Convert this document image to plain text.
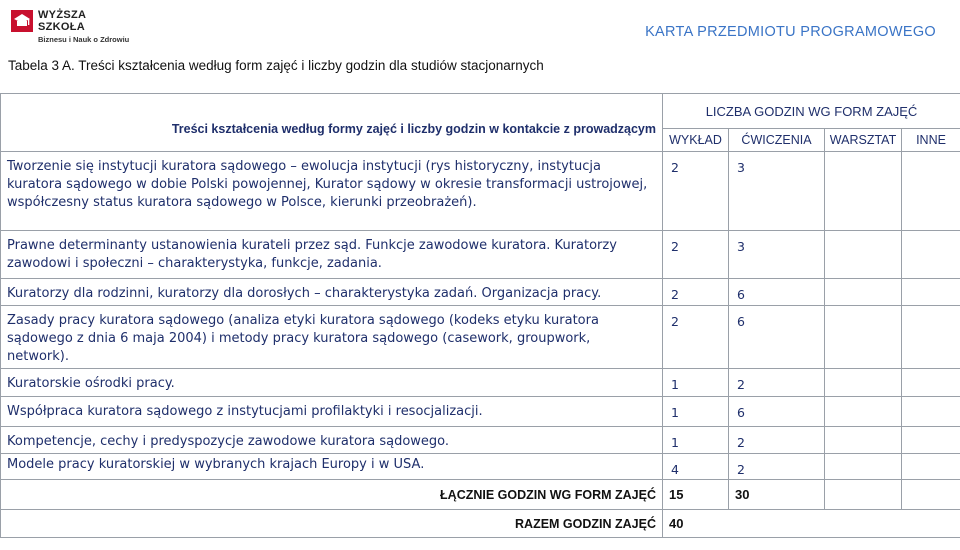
WYŻSZA SZKOŁA
Biznesu i Nauk o Zdrowiu	KARTA PRZEDMIOTU PROGRAMOWEGO
Tabela 3 A. Treści kształcenia według form zajęć i liczby godzin dla studiów stacjonarnych
Treści kształcenia według formy zajęć i liczby godzin w kontakcie z prowadzącym	LICZBA GODZIN WG FORM ZAJĘĆ			
	WYKŁAD	ĆWICZENIA	WARSZTAT	INNE
Tworzenie się instytucji kuratora sądowego – ewolucja instytucji (rys historyczny, instytucja kuratora sądowego w dobie Polski powojennej, Kurator sądowy w okresie transformacji ustrojowej, współczesny status kuratora sądowego w Polsce, kierunki przeobrażeń).	2	3		
Prawne determinanty ustanowienia kurateli przez sąd. Funkcje zawodowe kuratora. Kuratorzy zawodowi i społeczni – charakterystyka, funkcje, zadania.	2	3		
Kuratorzy dla rodzinni, kuratorzy dla dorosłych – charakterystyka zadań. Organizacja pracy.	2	6		
Zasady pracy kuratora sądowego (analiza etyki kuratora sądowego (kodeks etyku kuratora sądowego z dnia 6 maja 2004) i metody pracy kuratora sądowego (casework, groupwork, network).	2	6		
Kuratorskie ośrodki pracy.	1	2		
Współpraca kuratora sądowego z instytucjami profilaktyki i resocjalizacji.	1	6		
Kompetencje, cechy i predyspozycje zawodowe kuratora sądowego.	1	2		
Modele pracy kuratorskiej w wybranych krajach Europy i w USA.	4	2		
ŁĄCZNIE GODZIN WG FORM ZAJĘĆ	15	30		
RAZEM GODZIN ZAJĘĆ	40			
